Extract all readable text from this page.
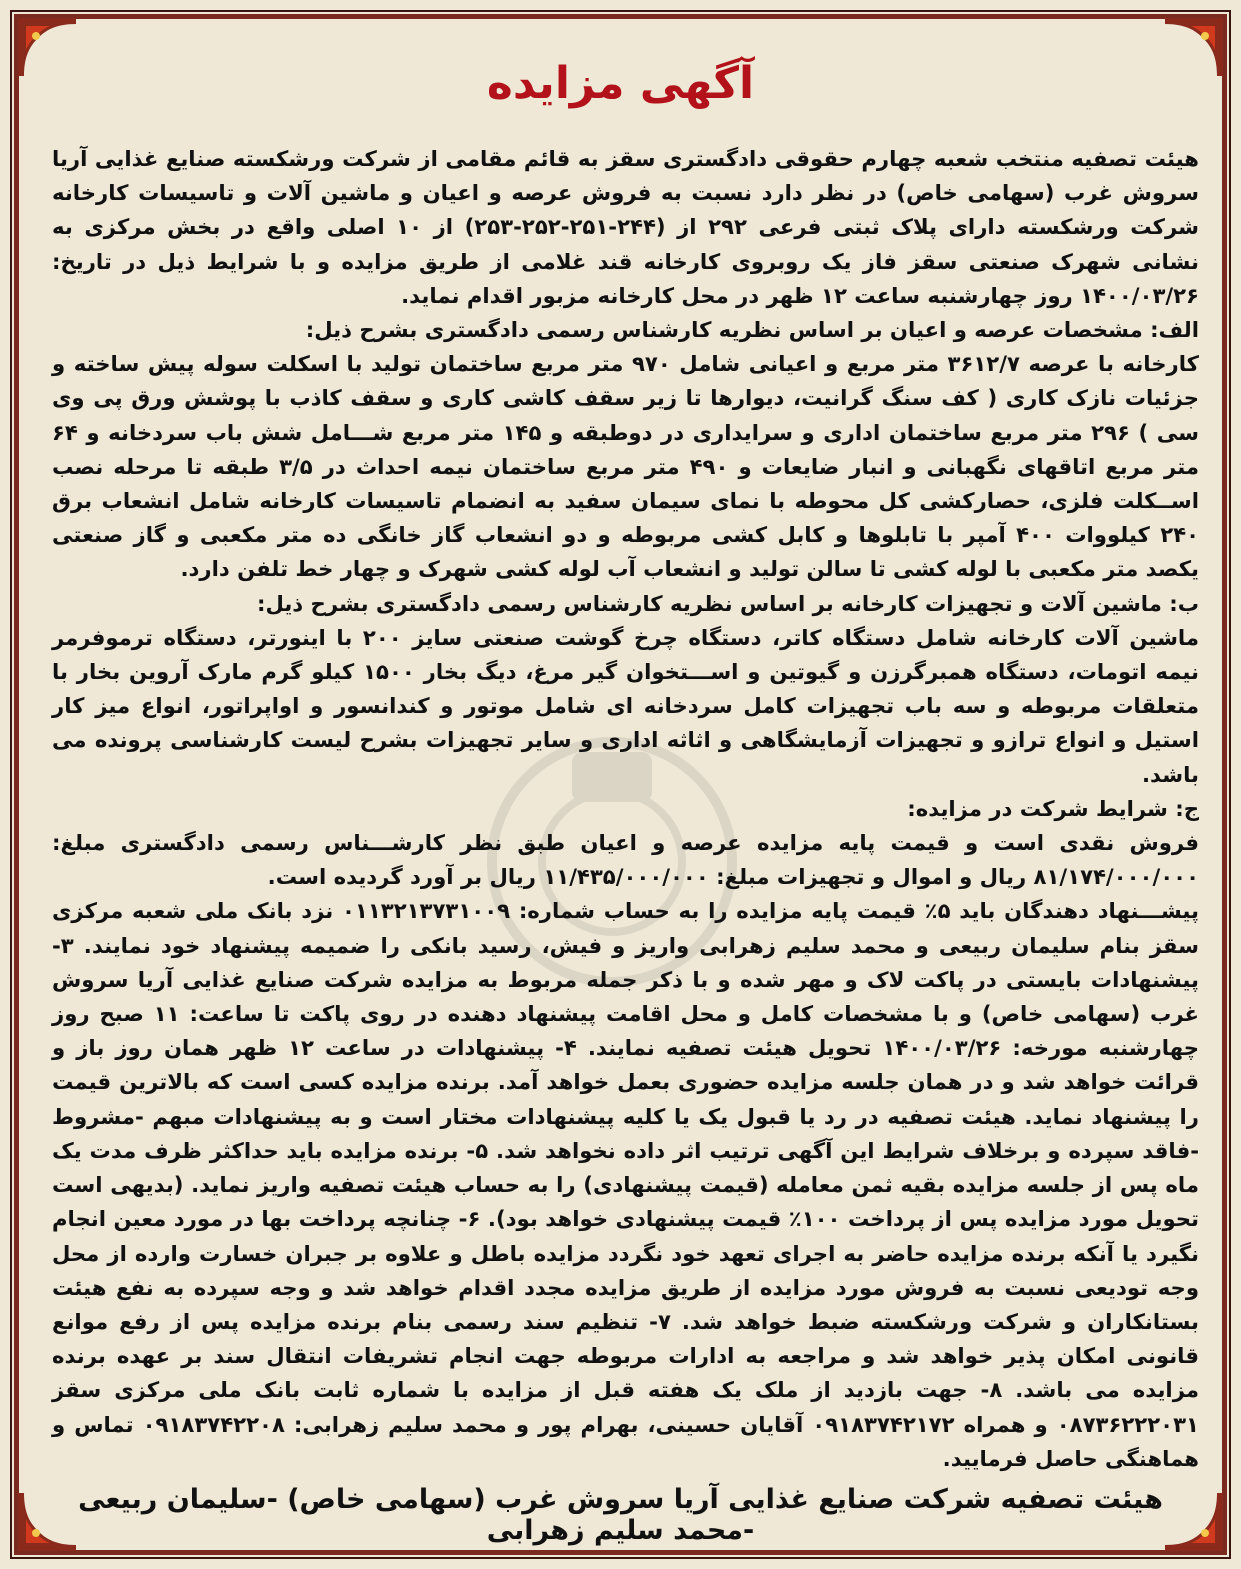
آگهی مزایده

هیئت تصفیه منتخب شعبه چهارم حقوقی دادگستری سقز به قائم مقامی از شرکت ورشکسته صنایع غذایی آریا سروش غرب (سهامی خاص) در نظر دارد نسبت به فروش عرصه و اعیان و ماشین آلات و تاسیسات کارخانه شرکت ورشکسته دارای پلاک ثبتی فرعی ۲۹۲ از (۲۴۴-۲۵۱-۲۵۲-۲۵۳) از ۱۰ اصلی واقع در بخش مرکزی به نشانی شهرک صنعتی سقز فاز یک روبروی کارخانه قند غلامی از طریق مزایده و با شرایط ذیل در تاریخ: ۱۴۰۰/۰۳/۲۶ روز چهارشنبه ساعت ۱۲ ظهر در محل کارخانه مزبور اقدام نماید.

الف: مشخصات عرصه و اعیان بر اساس نظریه کارشناس رسمی دادگستری بشرح ذیل:

کارخانه با عرصه ۳۶۱۲/۷ متر مربع و اعیانی شامل ۹۷۰ متر مربع ساختمان تولید با اسکلت سوله پیش ساخته و جزئیات نازک کاری ( کف سنگ گرانیت، دیوارها تا زیر سقف کاشی کاری و سقف کاذب با پوشش ورق پی وی سی ) ۲۹۶ متر مربع ساختمان اداری و سرایداری در دوطبقه و ۱۴۵ متر مربع شـــامل شش باب سردخانه و ۶۴ متر مربع اتاقهای نگهبانی و انبار ضایعات و ۴۹۰ متر مربع ساختمان نیمه احداث در ۳/۵ طبقه تا مرحله نصب اســکلت فلزی، حصارکشی کل محوطه با نمای سیمان سفید به انضمام تاسیسات کارخانه شامل انشعاب برق ۲۴۰ کیلووات ۴۰۰ آمپر با تابلوها و کابل کشی مربوطه و دو انشعاب گاز خانگی ده متر مکعبی و گاز صنعتی یکصد متر مکعبی با لوله کشی تا سالن تولید و انشعاب آب لوله کشی شهرک و چهار خط تلفن دارد.

ب: ماشین آلات و تجهیزات کارخانه بر اساس نظریه کارشناس رسمی دادگستری بشرح ذیل:

ماشین آلات کارخانه شامل دستگاه کاتر، دستگاه چرخ گوشت صنعتی سایز ۲۰۰ با اینورتر، دستگاه ترموفرمر نیمه اتومات، دستگاه همبرگرزن و گیوتین و اســـتخوان گیر مرغ، دیگ بخار ۱۵۰۰ کیلو گرم مارک آروین بخار با متعلقات مربوطه و سه باب تجهیزات کامل سردخانه ای شامل موتور و کندانسور و اواپراتور، انواع میز کار استیل و انواع ترازو و تجهیزات آزمایشگاهی و اثاثه اداری و سایر تجهیزات بشرح لیست کارشناسی پرونده می باشد.

ج: شرایط شرکت در مزایده:

فروش نقدی است و قیمت پایه مزایده عرصه و اعیان طبق نظر کارشـــناس رسمی دادگستری مبلغ: ۸۱/۱۷۴/۰۰۰/۰۰۰ ریال و اموال و تجهیزات مبلغ: ۱۱/۴۳۵/۰۰۰/۰۰۰ ریال بر آورد گردیده است.

پیشـــنهاد دهندگان باید ۵٪ قیمت پایه مزایده را به حساب شماره: ۰۱۱۳۲۱۳۷۳۱۰۰۹ نزد بانک ملی شعبه مرکزی سقز بنام سلیمان ربیعی و محمد سلیم زهرابی واریز و فیش، رسید بانکی را ضمیمه پیشنهاد خود نمایند. ۳- پیشنهادات بایستی در پاکت لاک و مهر شده و با ذکر جمله مربوط به مزایده شرکت صنایع غذایی آریا سروش غرب (سهامی خاص) و با مشخصات کامل و محل اقامت پیشنهاد دهنده در روی پاکت تا ساعت: ۱۱ صبح روز چهارشنبه مورخه: ۱۴۰۰/۰۳/۲۶ تحویل هیئت تصفیه نمایند. ۴- پیشنهادات در ساعت ۱۲ ظهر همان روز باز و قرائت خواهد شد و در همان جلسه مزایده حضوری بعمل خواهد آمد. برنده مزایده کسی است که بالاترین قیمت را پیشنهاد نماید. هیئت تصفیه در رد یا قبول یک یا کلیه پیشنهادات مختار است و به پیشنهادات مبهم -مشروط -فاقد سپرده و برخلاف شرایط این آگهی ترتیب اثر داده نخواهد شد. ۵- برنده مزایده باید حداکثر ظرف مدت یک ماه پس از جلسه مزایده بقیه ثمن معامله (قیمت پیشنهادی) را به حساب هیئت تصفیه واریز نماید. (بدیهی است تحویل مورد مزایده پس از پرداخت ۱۰۰٪ قیمت پیشنهادی خواهد بود). ۶- چنانچه پرداخت بها در مورد معین انجام نگیرد یا آنکه برنده مزایده حاضر به اجرای تعهد خود نگردد مزایده باطل و علاوه بر جبران خسارت وارده از محل وجه تودیعی نسبت به فروش مورد مزایده از طریق مزایده مجدد اقدام خواهد شد و وجه سپرده به نفع هیئت بستانکاران و شرکت ورشکسته ضبط خواهد شد. ۷- تنظیم سند رسمی بنام برنده مزایده پس از رفع موانع قانونی امکان پذیر خواهد شد و مراجعه به ادارات مربوطه جهت انجام تشریفات انتقال سند بر عهده برنده مزایده می باشد. ۸- جهت بازدید از ملک یک هفته قبل از مزایده با شماره ثابت بانک ملی مرکزی سقز ۰۸۷۳۶۲۲۲۰۳۱ و همراه ۰۹۱۸۳۷۴۲۱۷۲ آقایان حسینی، بهرام پور و محمد سلیم زهرابی: ۰۹۱۸۳۷۴۲۲۰۸ تماس و هماهنگی حاصل فرمایید.

هیئت تصفیه شرکت صنایع غذایی آریا سروش غرب (سهامی خاص) -سلیمان ربیعی -محمد سلیم زهرابی
